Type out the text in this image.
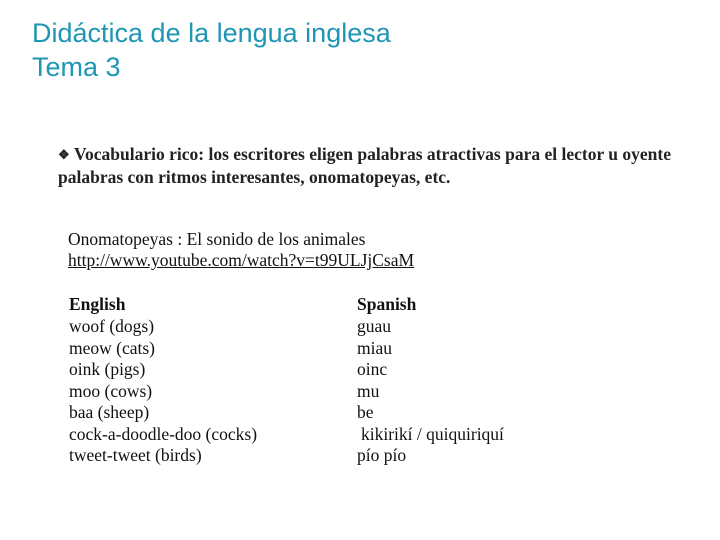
Didáctica de la lengua inglesa
Tema 3
❖ Vocabulario rico: los escritores eligen palabras atractivas para el lector u oyente palabras con ritmos interesantes, onomatopeyas, etc.
Onomatopeyas : El sonido de los animales
http://www.youtube.com/watch?v=t99ULJjCsaM
English	Spanish
woof (dogs)	guau
meow (cats)	miau
oink (pigs)	oinc
moo (cows)	mu
baa (sheep)	be
cock-a-doodle-doo (cocks)	kikirikí / quiquiriquí
tweet-tweet (birds)	pío pío
